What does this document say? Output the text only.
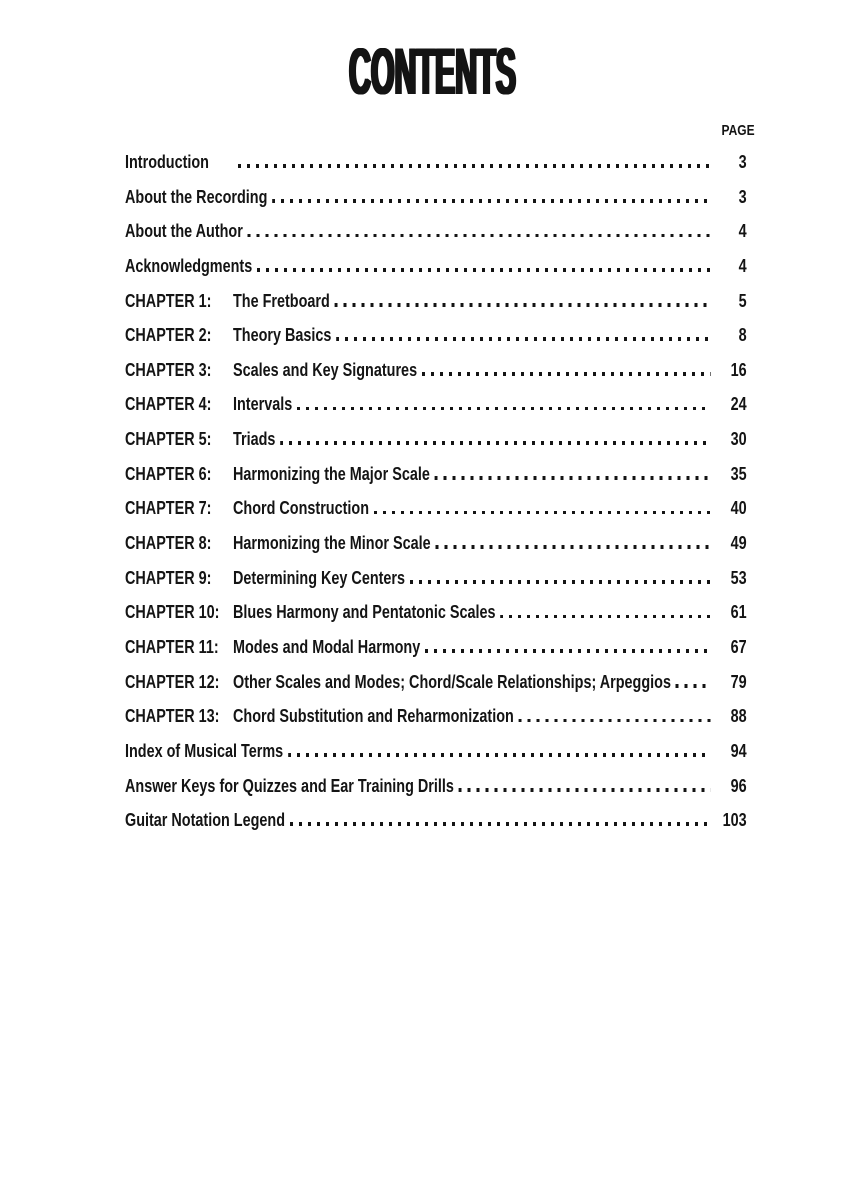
CONTENTS
PAGE
Introduction	3
About the Recording	3
About the Author	4
Acknowledgments	4
CHAPTER 1:	The Fretboard	5
CHAPTER 2:	Theory Basics	8
CHAPTER 3:	Scales and Key Signatures	16
CHAPTER 4:	Intervals	24
CHAPTER 5:	Triads	30
CHAPTER 6:	Harmonizing the Major Scale	35
CHAPTER 7:	Chord Construction	40
CHAPTER 8:	Harmonizing the Minor Scale	49
CHAPTER 9:	Determining Key Centers	53
CHAPTER 10: Blues Harmony and Pentatonic Scales	61
CHAPTER 11: Modes and Modal Harmony	67
CHAPTER 12: Other Scales and Modes; Chord/Scale Relationships; Arpeggios	79
CHAPTER 13: Chord Substitution and Reharmonization	88
Index of Musical Terms	94
Answer Keys for Quizzes and Ear Training Drills	96
Guitar Notation Legend	103
